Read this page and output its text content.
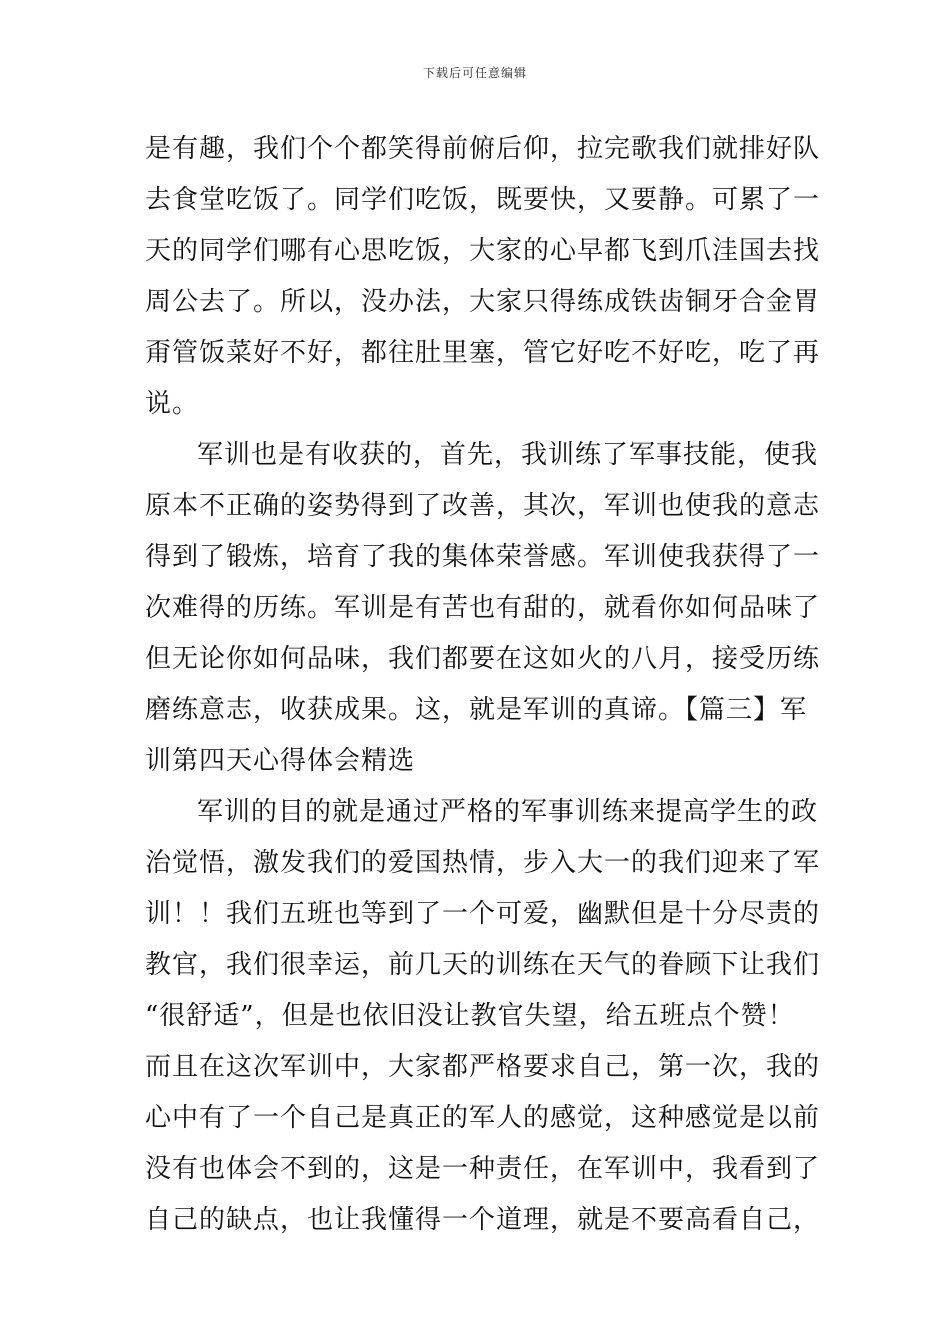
下载后可任意编辑
是有趣，我们个个都笑得前俯后仰，拉完歌我们就排好队
去食堂吃饭了。同学们吃饭，既要快，又要静。可累了一
天的同学们哪有心思吃饭，大家的心早都飞到爪洼国去找
周公去了。所以，没办法，大家只得练成铁齿铜牙合金胃
甭管饭菜好不好，都往肚里塞，管它好吃不好吃，吃了再
说。
军训也是有收获的，首先，我训练了军事技能，使我
原本不正确的姿势得到了改善，其次，军训也使我的意志
得到了锻炼，培育了我的集体荣誉感。军训使我获得了一
次难得的历练。军训是有苦也有甜的，就看你如何品味了
但无论你如何品味，我们都要在这如火的八月，接受历练
磨练意志，收获成果。这，就是军训的真谛。【篇三】军
训第四天心得体会精选
军训的目的就是通过严格的军事训练来提高学生的政
治觉悟，激发我们的爱国热情，步入大一的我们迎来了军
训！！我们五班也等到了一个可爱，幽默但是十分尽责的
教官，我们很幸运，前几天的训练在天气的眷顾下让我们
“很舒适”，但是也依旧没让教官失望，给五班点个赞！
而且在这次军训中，大家都严格要求自己，第一次，我的
心中有了一个自己是真正的军人的感觉，这种感觉是以前
没有也体会不到的，这是一种责任，在军训中，我看到了
自己的缺点，也让我懂得一个道理，就是不要高看自己，
